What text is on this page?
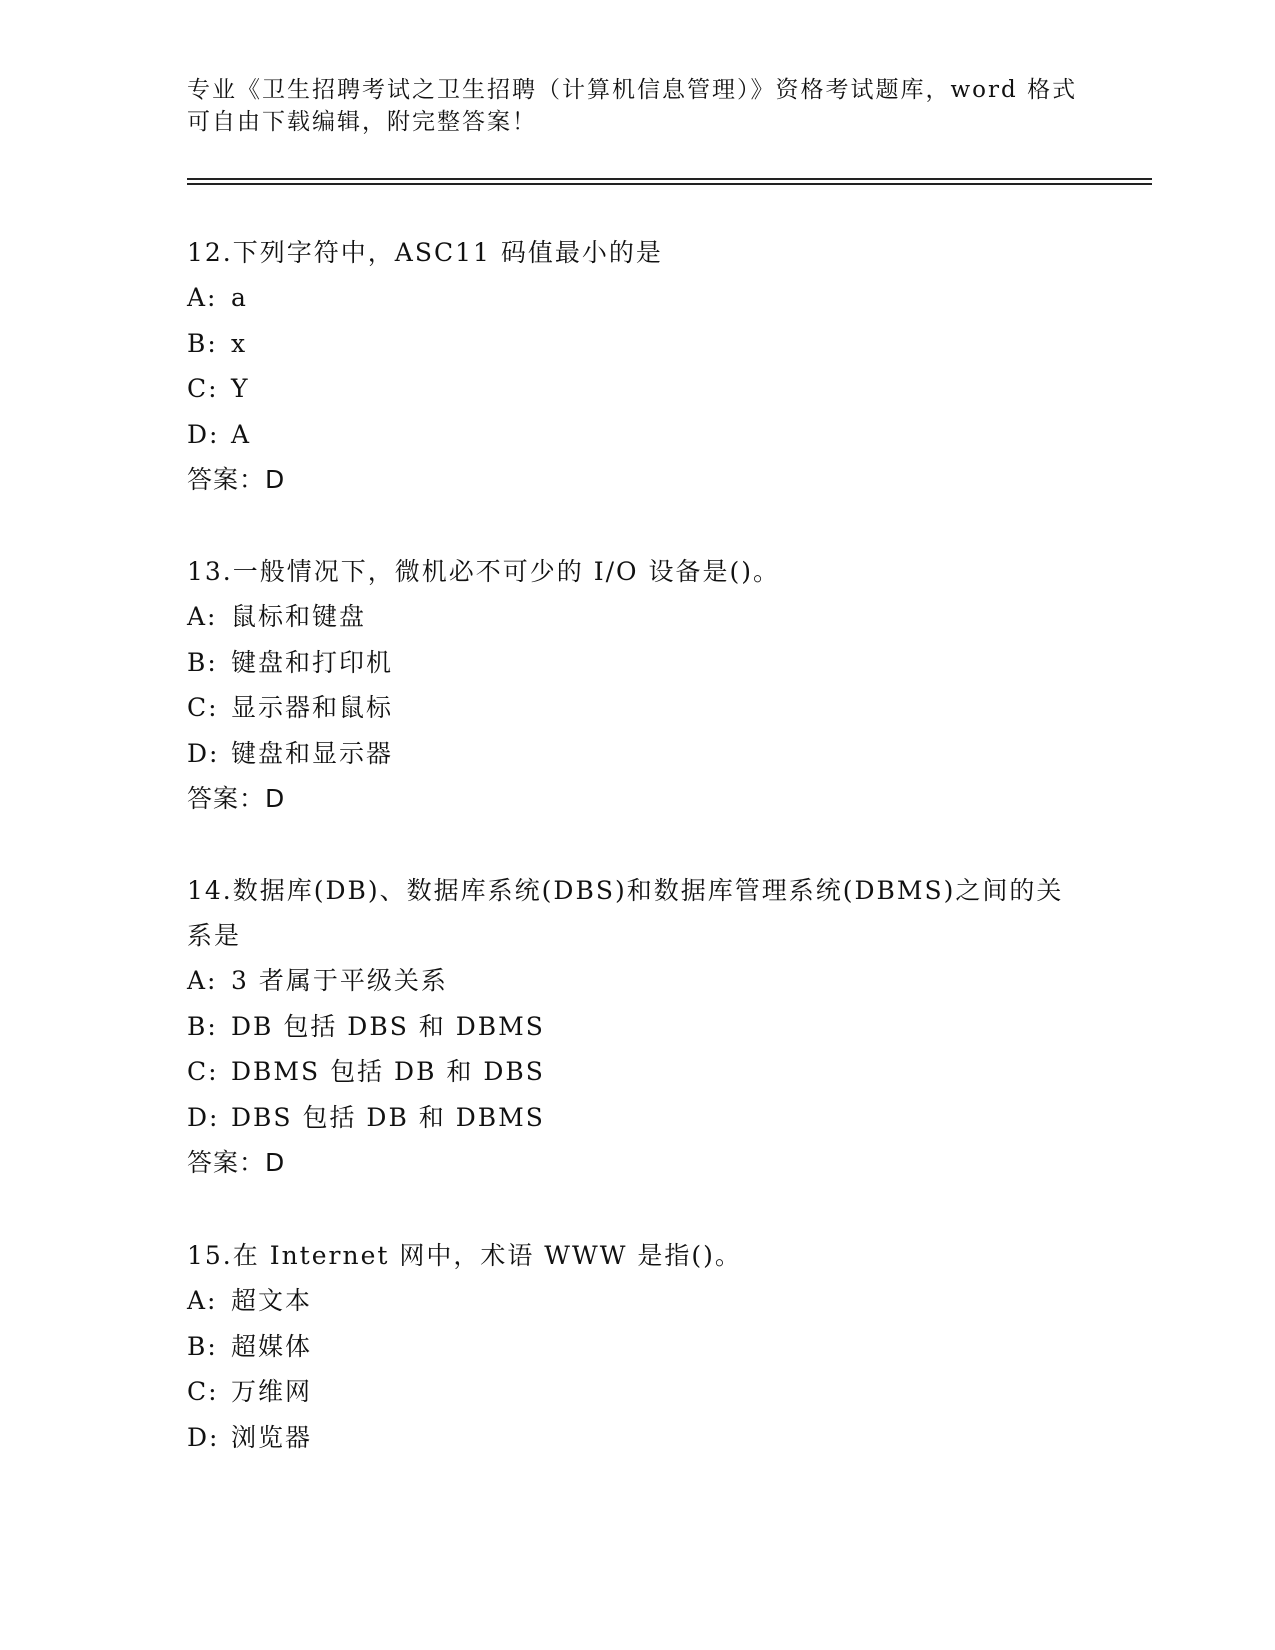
专业《卫生招聘考试之卫生招聘（计算机信息管理）》资格考试题库，word 格式
可自由下载编辑，附完整答案！

12.下列字符中，ASC11 码值最小的是

A: a
B: x
C: Y
D: A
答案：D

13.一般情况下，微机必不可少的 I/O 设备是()。

A: 鼠标和键盘
B: 键盘和打印机
C: 显示器和鼠标
D: 键盘和显示器
答案：D

14.数据库(DB)、数据库系统(DBS)和数据库管理系统(DBMS)之间的关系是

A: 3 者属于平级关系
B: DB 包括 DBS 和 DBMS
C: DBMS 包括 DB 和 DBS
D: DBS 包括 DB 和 DBMS
答案：D

15.在 Internet 网中，术语 WWW 是指()。

A: 超文本
B: 超媒体
C: 万维网
D: 浏览器
